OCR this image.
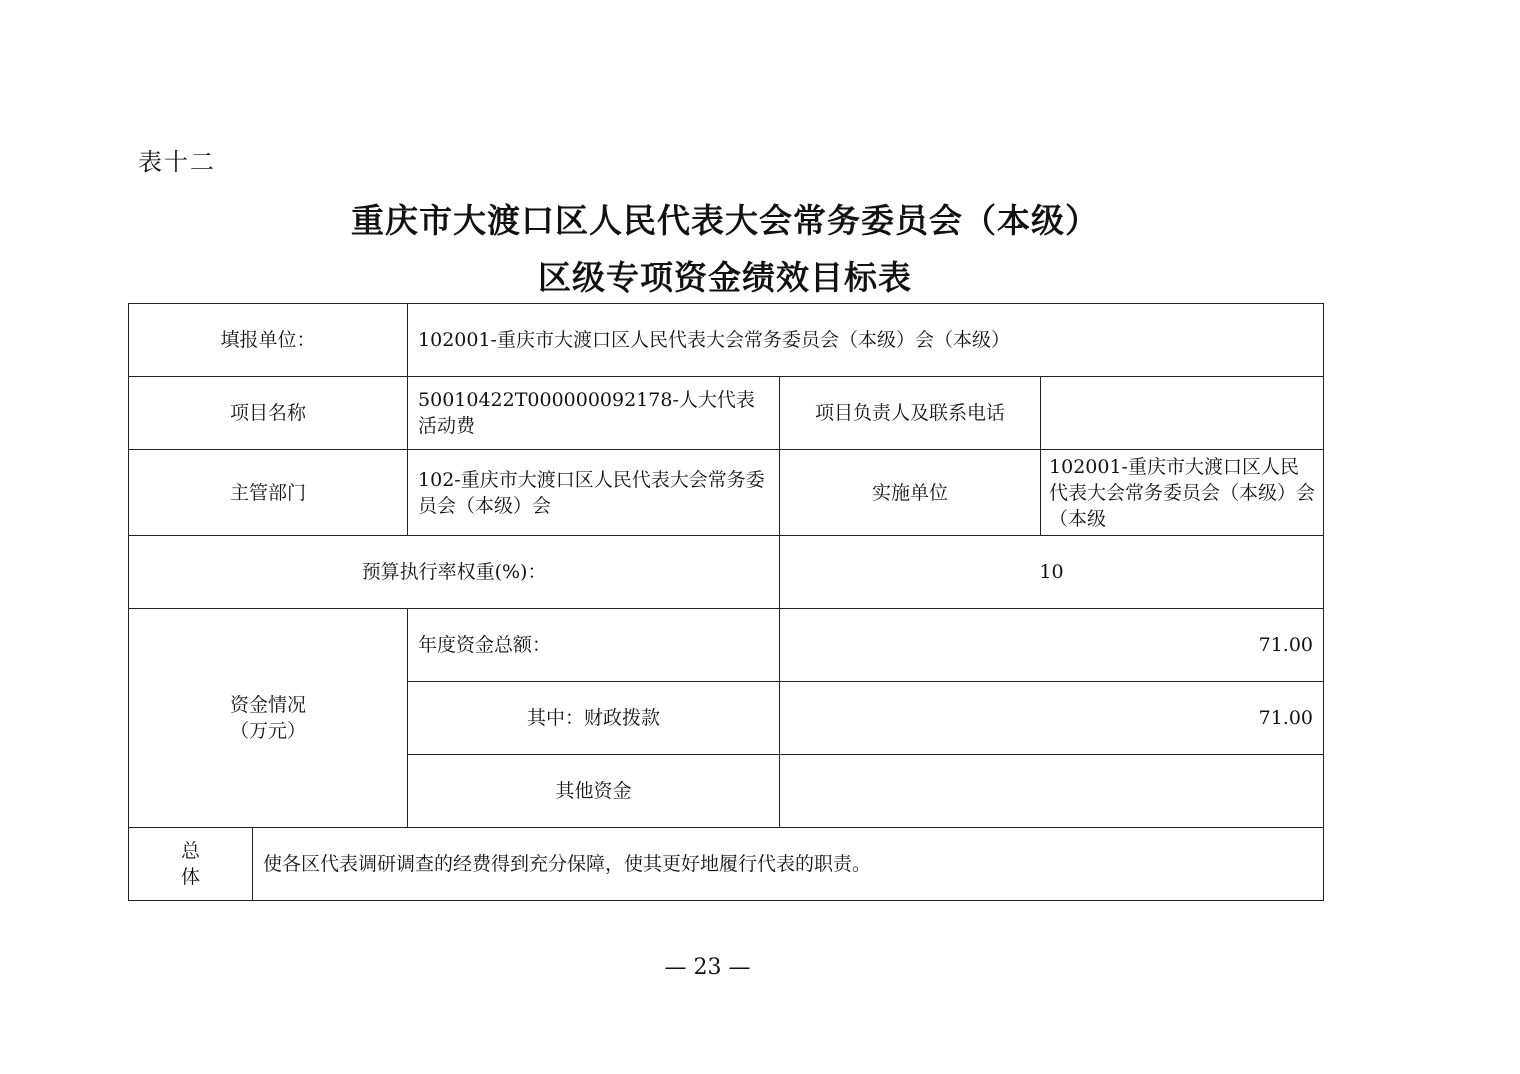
表十二
重庆市大渡口区人民代表大会常务委员会（本级）
区级专项资金绩效目标表
填报单位：		102001-重庆市大渡口区人民代表大会常务委员会（本级）会（本级）		
项目名称		50010422T000000092178-人大代表活动费	项目负责人及联系电话	
主管部门		102-重庆市大渡口区人民代表大会常务委员会（本级）会	实施单位	102001-重庆市大渡口区人民代表大会常务委员会（本级）会（本级
预算执行率权重(%)：			10	

资金情况
（万元）		年度资金总额：	71.00	
		其中：财政拨款	71.00	
		其他资金		

总
体	使各区代表调研调查的经费得到充分保障，使其更好地履行代表的职责。			
— 23 —
